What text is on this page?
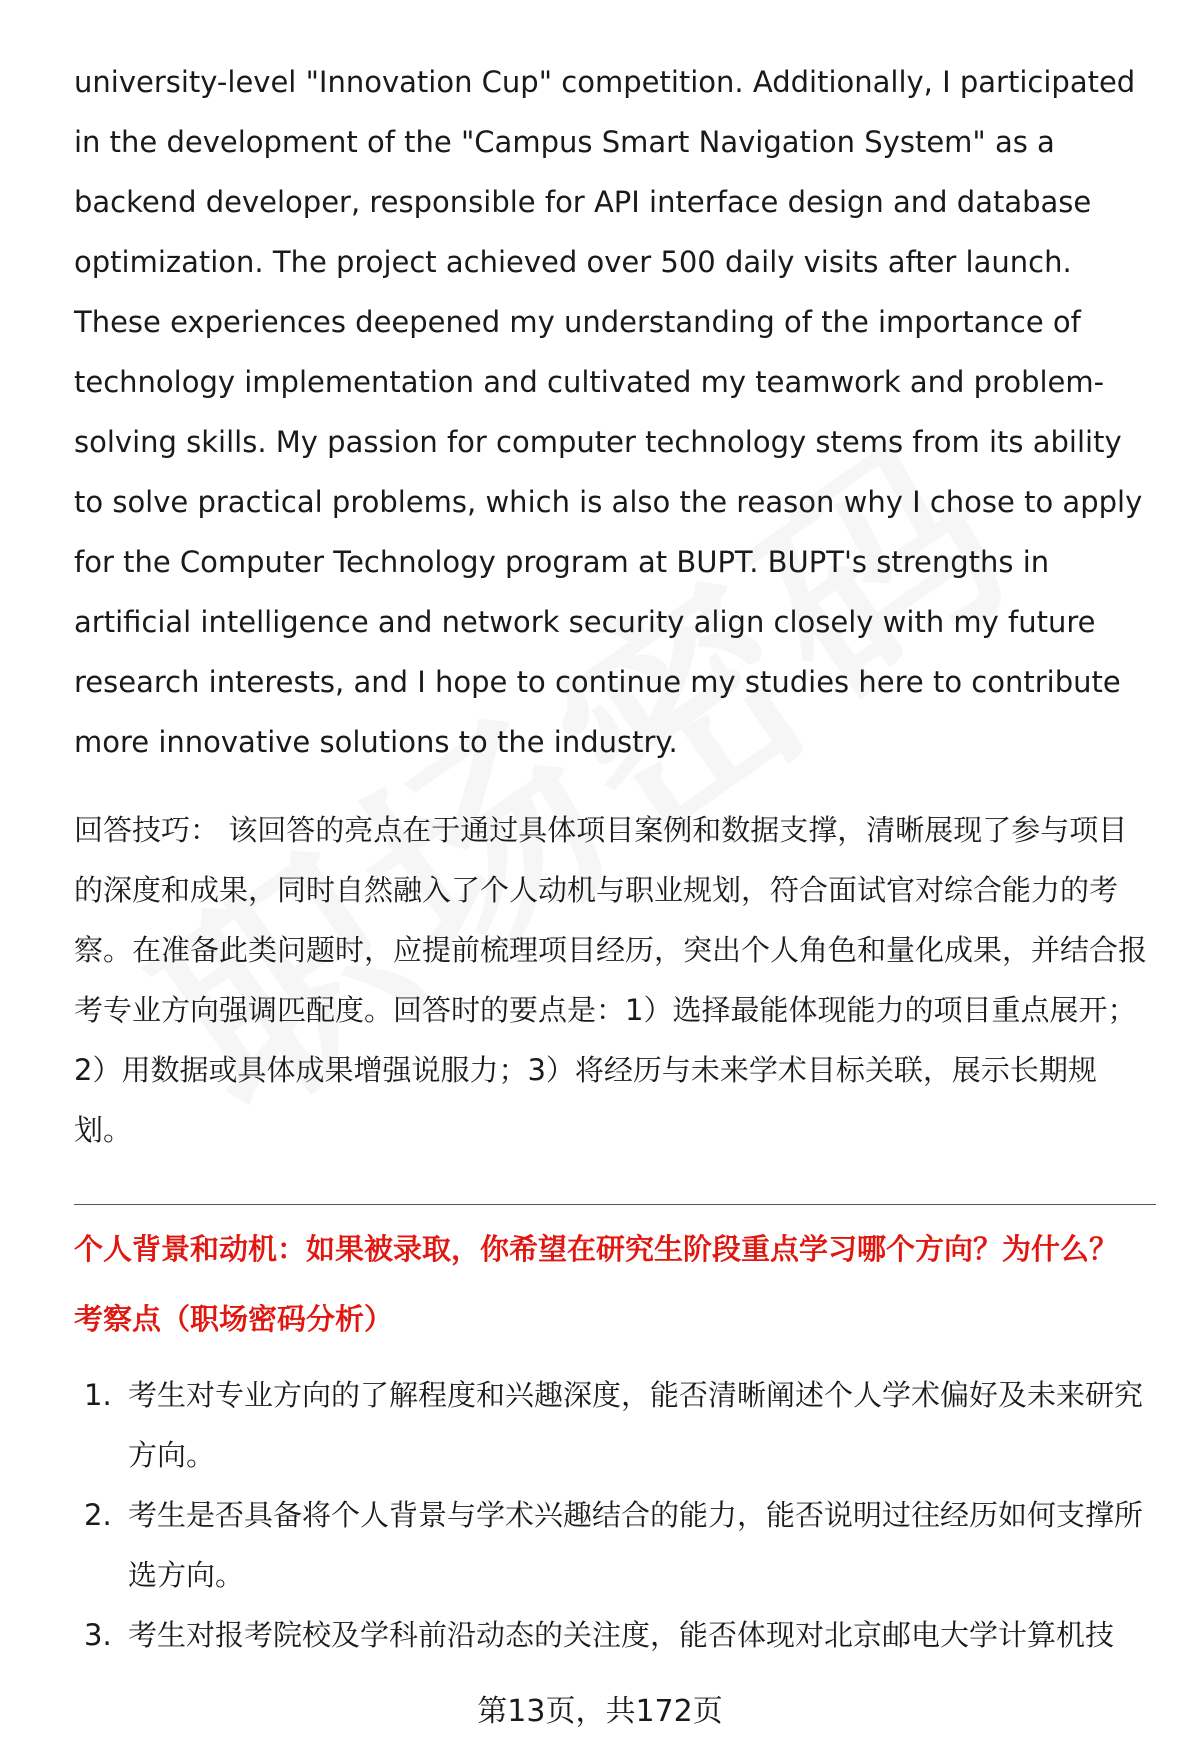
university-level "Innovation Cup" competition. Additionally, I participated in the development of the "Campus Smart Navigation System" as a backend developer, responsible for API interface design and database optimization. The project achieved over 500 daily visits after launch. These experiences deepened my understanding of the importance of technology implementation and cultivated my teamwork and problem-solving skills. My passion for computer technology stems from its ability to solve practical problems, which is also the reason why I chose to apply for the Computer Technology program at BUPT. BUPT's strengths in artificial intelligence and network security align closely with my future research interests, and I hope to continue my studies here to contribute more innovative solutions to the industry.

回答技巧： 该回答的亮点在于通过具体项目案例和数据支撑，清晰展现了参与项目的深度和成果，同时自然融入了个人动机与职业规划，符合面试官对综合能力的考察。在准备此类问题时，应提前梳理项目经历，突出个人角色和量化成果，并结合报考专业方向强调匹配度。回答时的要点是：1）选择最能体现能力的项目重点展开；2）用数据或具体成果增强说服力；3）将经历与未来学术目标关联，展示长期规划。

个人背景和动机：如果被录取，你希望在研究生阶段重点学习哪个方向？为什么？
考察点（职场密码分析）
1. 考生对专业方向的了解程度和兴趣深度，能否清晰阐述个人学术偏好及未来研究方向。
2. 考生是否具备将个人背景与学术兴趣结合的能力，能否说明过往经历如何支撑所选方向。
3. 考生对报考院校及学科前沿动态的关注度，能否体现对北京邮电大学计算机技
第13页，共172页
